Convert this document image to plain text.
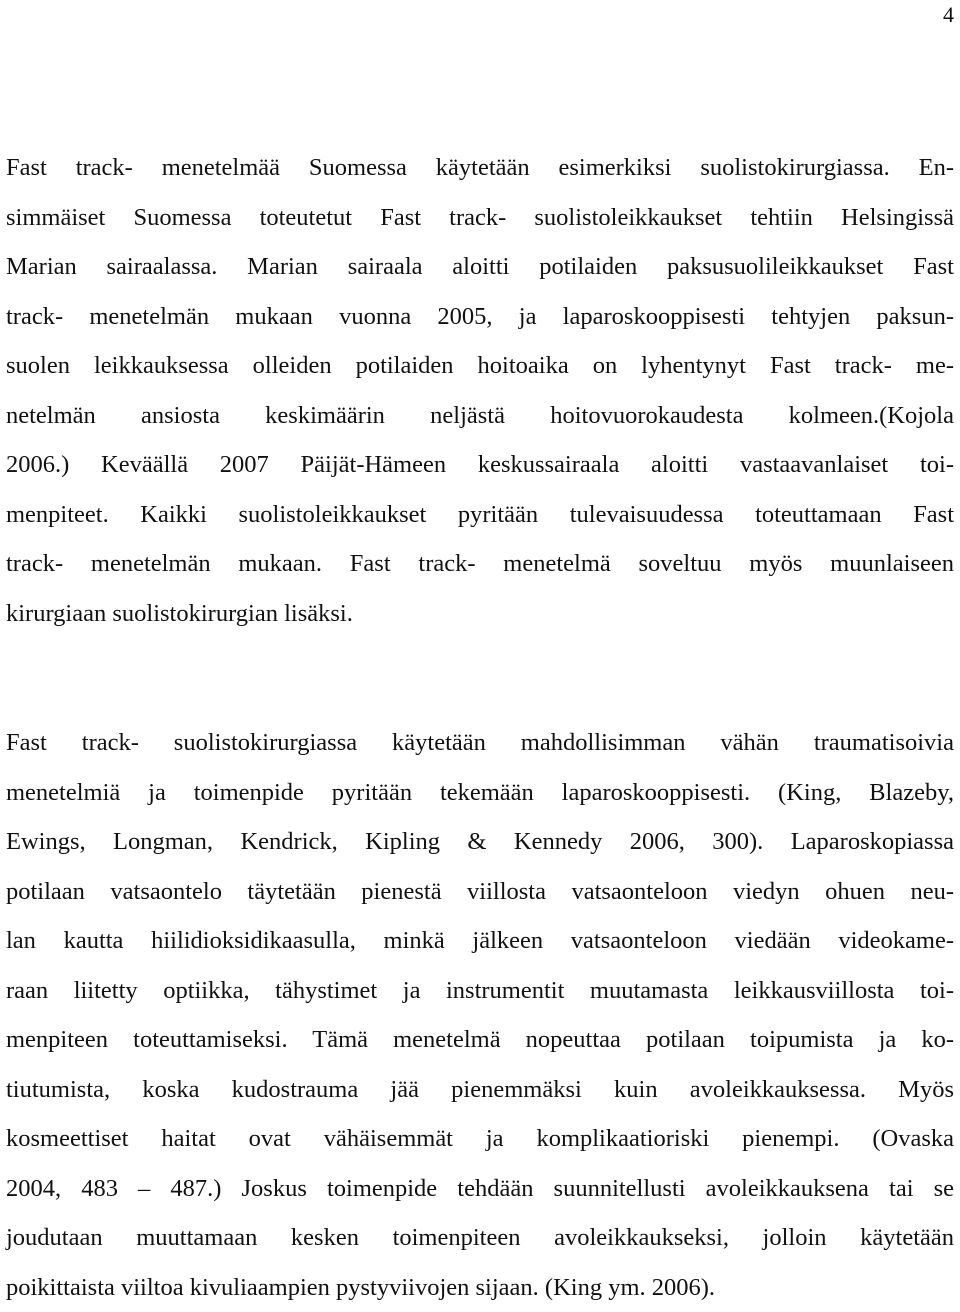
4
Fast track- menetelmää Suomessa käytetään esimerkiksi suolistokirurgiassa. En-
simmäiset Suomessa toteutetut Fast track- suolistoleikkaukset tehtiin Helsingissä
Marian sairaalassa. Marian sairaala aloitti potilaiden paksusuolileikkaukset Fast
track- menetelmän mukaan vuonna 2005, ja laparoskooppisesti tehtyjen paksun-
suolen leikkauksessa olleiden potilaiden hoitoaika on lyhentynyt Fast track- me-
netelmän ansiosta keskimäärin neljästä hoitovuorokaudesta kolmeen.(Kojola
2006.) Keväällä 2007 Päijät-Hämeen keskussairaala aloitti vastaavanlaiset toi-
menpiteet. Kaikki suolistoleikkaukset pyritään tulevaisuudessa toteuttamaan Fast
track- menetelmän mukaan. Fast track- menetelmä soveltuu myös muunlaiseen
kirurgiaan suolistokirurgian lisäksi.
Fast track- suolistokirurgiassa käytetään mahdollisimman vähän traumatisoivia
menetelmiä ja toimenpide pyritään tekemään laparoskooppisesti. (King, Blazeby,
Ewings, Longman, Kendrick, Kipling & Kennedy 2006, 300). Laparoskopiassa
potilaan vatsaontelo täytetään pienestä viillosta vatsaonteloon viedyn ohuen neu-
lan kautta hiilidioksidikaasulla, minkä jälkeen vatsaonteloon viedään videokame-
raan liitetty optiikka, tähystimet ja instrumentit muutamasta leikkausviillosta toi-
menpiteen toteuttamiseksi. Tämä menetelmä nopeuttaa potilaan toipumista ja ko-
tiutumista, koska kudostrauma jää pienemmäksi kuin avoleikkauksessa. Myös
kosmeettiset haitat ovat vähäisemmät ja komplikaatioriski pienempi. (Ovaska
2004, 483 – 487.) Joskus toimenpide tehdään suunnitellusti avoleikkauksena tai se
joudutaan muuttamaan kesken toimenpiteen avoleikkaukseksi, jolloin käytetään
poikittaista viiltoa kivuliaampien pystyviivojen sijaan. (King ym. 2006).
